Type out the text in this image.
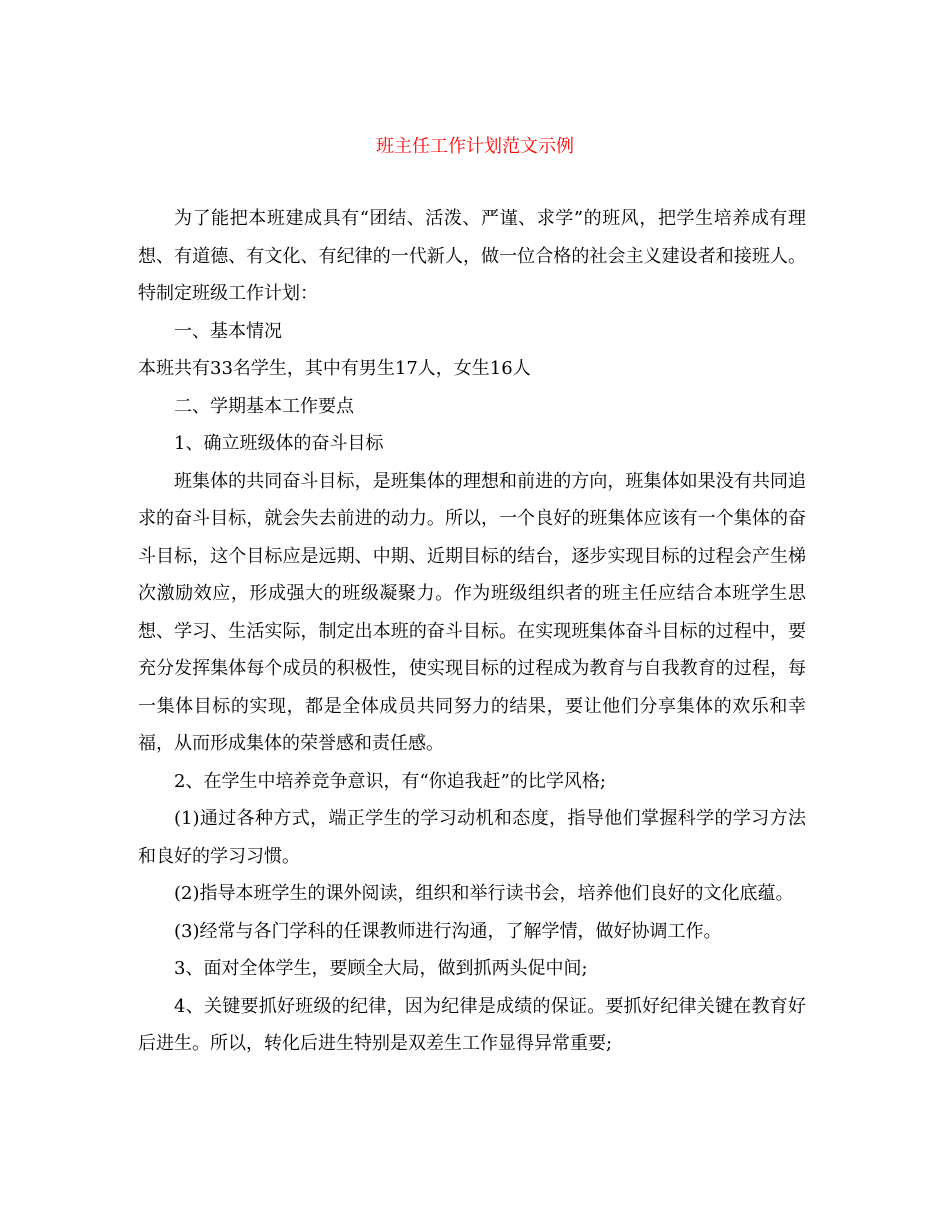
班主任工作计划范文示例

为了能把本班建成具有“团结、活泼、严谨、求学”的班风，把学生培养成有理想、有道德、有文化、有纪律的一代新人，做一位合格的社会主义建设者和接班人。特制定班级工作计划：

一、基本情况

本班共有33名学生，其中有男生17人，女生16人

二、学期基本工作要点

1、确立班级体的奋斗目标

班集体的共同奋斗目标，是班集体的理想和前进的方向，班集体如果没有共同追求的奋斗目标，就会失去前进的动力。所以，一个良好的班集体应该有一个集体的奋斗目标，这个目标应是远期、中期、近期目标的结台，逐步实现目标的过程会产生梯次激励效应，形成强大的班级凝聚力。作为班级组织者的班主任应结合本班学生思想、学习、生活实际，制定出本班的奋斗目标。在实现班集体奋斗目标的过程中，要充分发挥集体每个成员的积极性，使实现目标的过程成为教育与自我教育的过程，每一集体目标的实现，都是全体成员共同努力的结果，要让他们分享集体的欢乐和幸福，从而形成集体的荣誉感和责任感。

2、在学生中培养竞争意识，有“你追我赶”的比学风格;

(1)通过各种方式，端正学生的学习动机和态度，指导他们掌握科学的学习方法和良好的学习习惯。

(2)指导本班学生的课外阅读，组织和举行读书会，培养他们良好的文化底蕴。

(3)经常与各门学科的任课教师进行沟通，了解学情，做好协调工作。

3、面对全体学生，要顾全大局，做到抓两头促中间;

4、关键要抓好班级的纪律，因为纪律是成绩的保证。要抓好纪律关键在教育好后进生。所以，转化后进生特别是双差生工作显得异常重要;
